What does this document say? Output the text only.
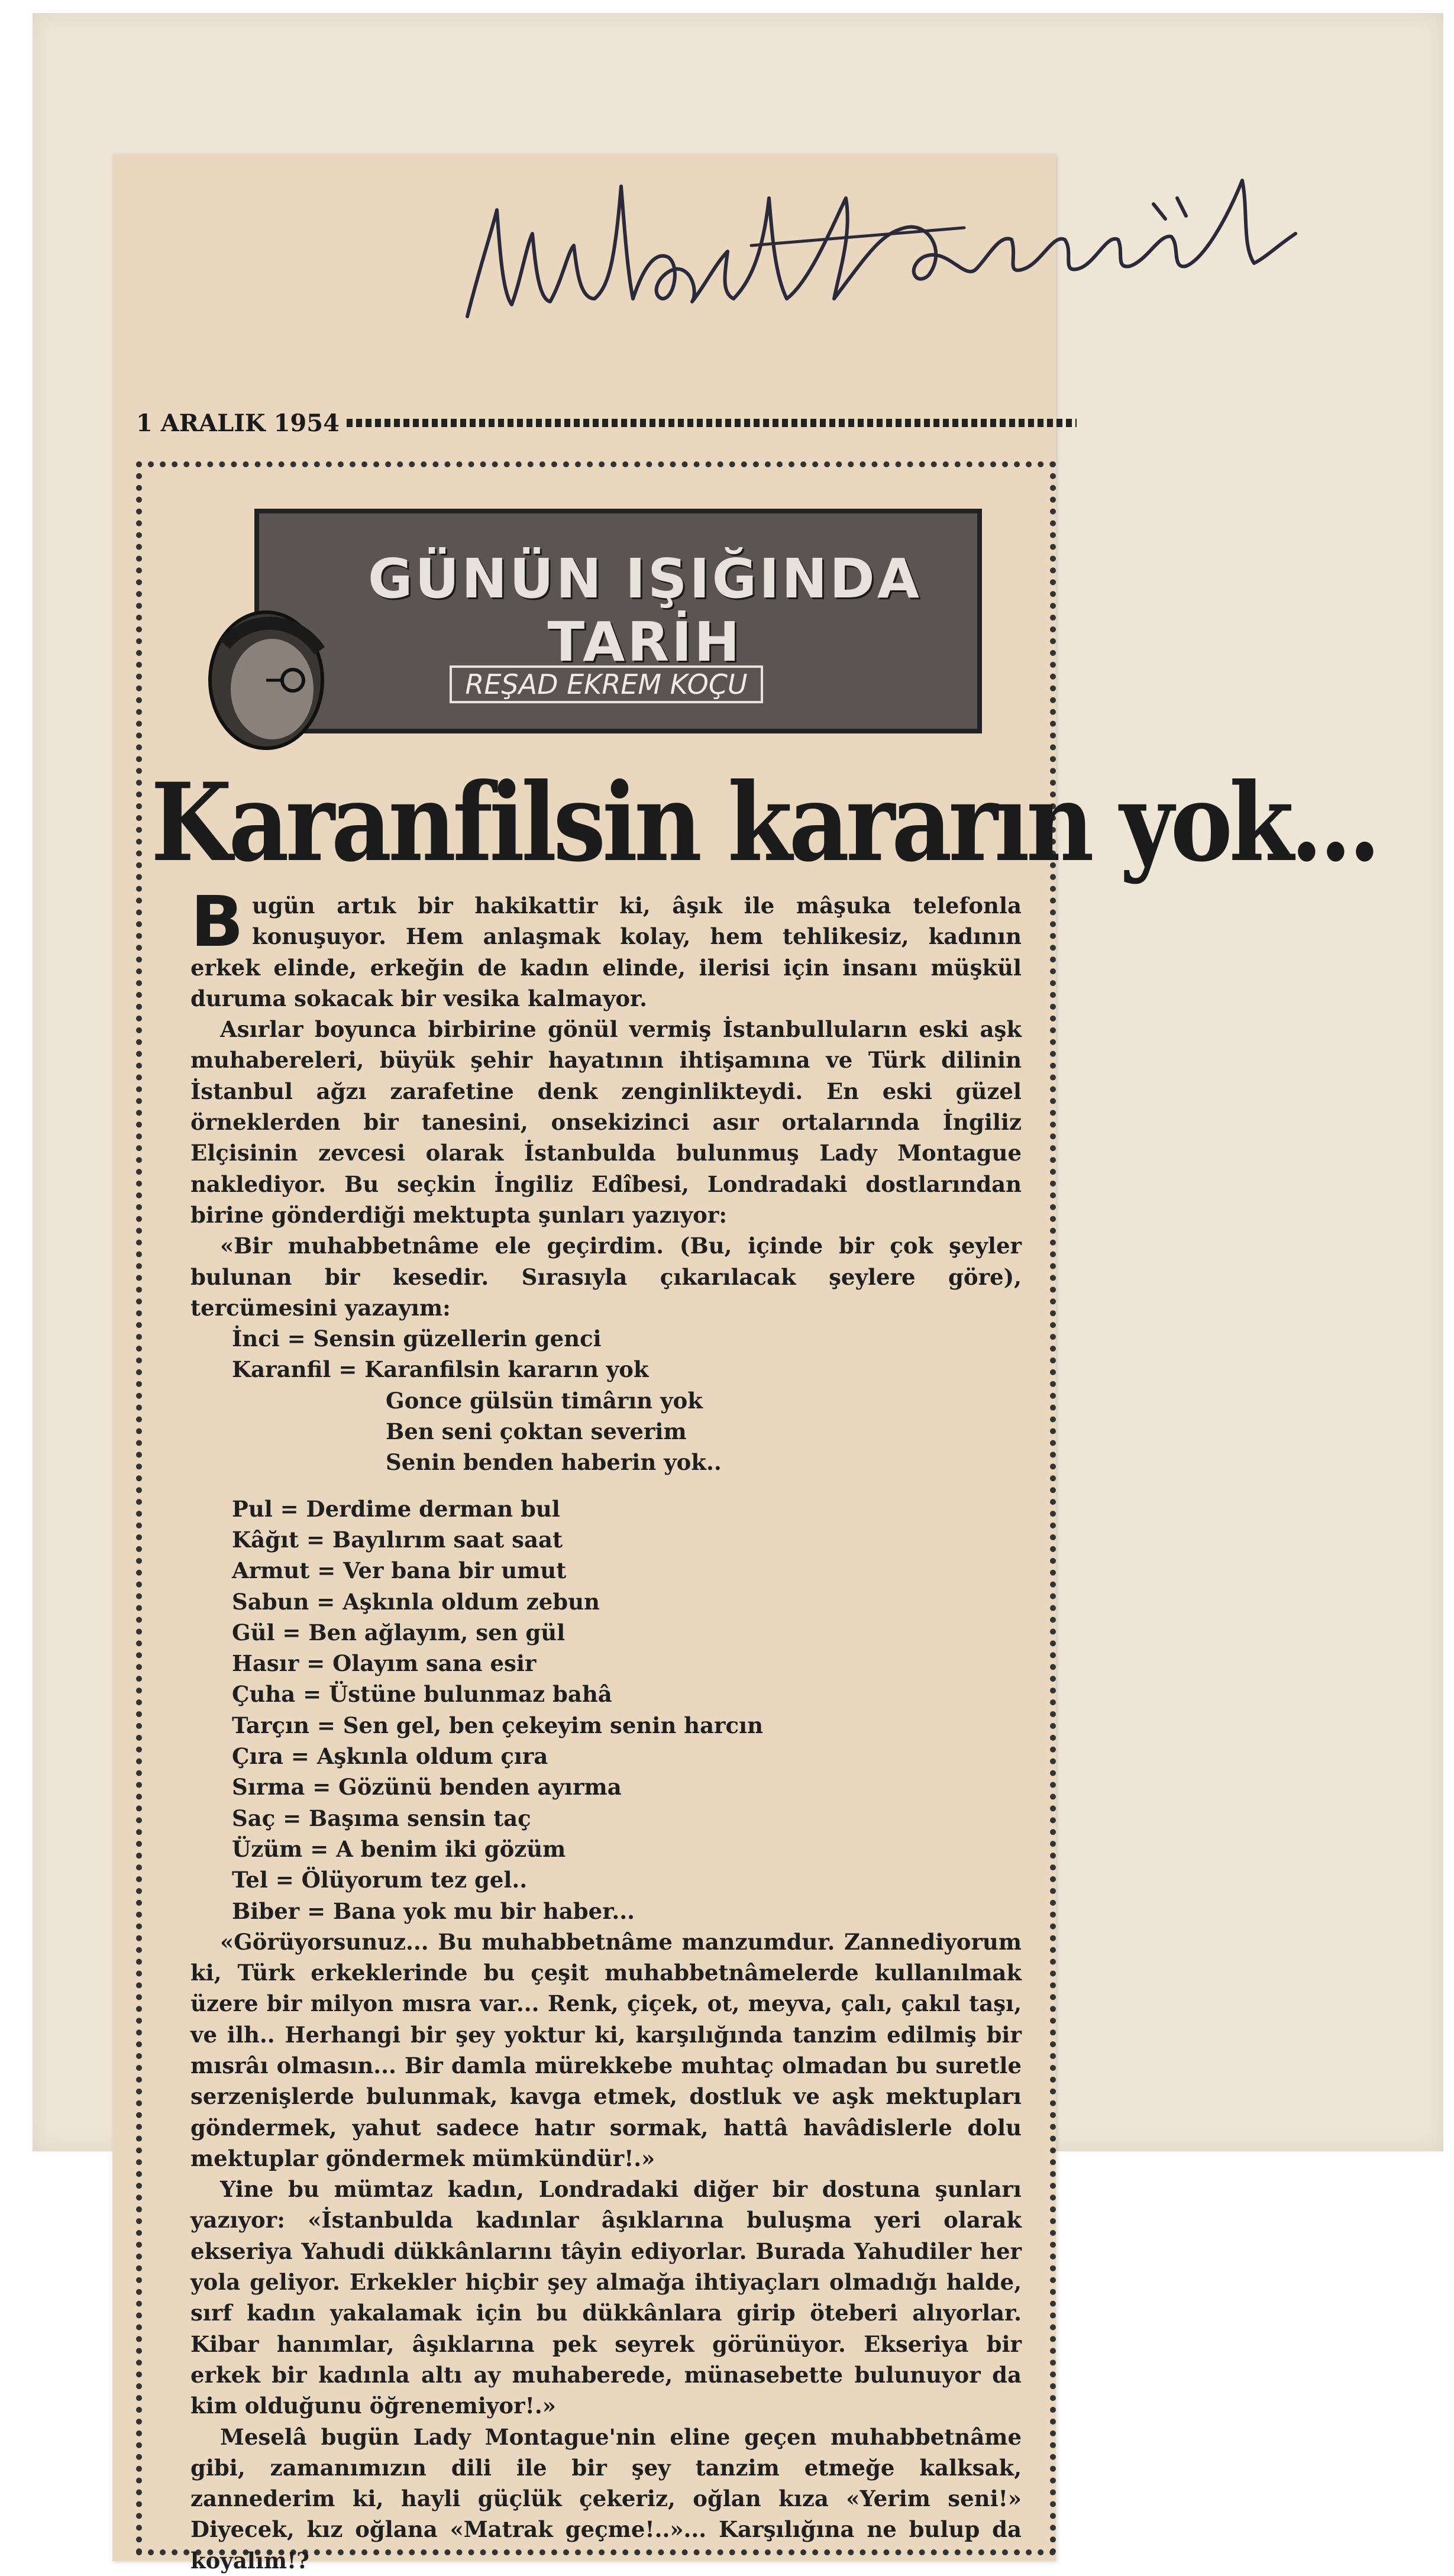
1 ARALIK 1954
GÜNÜN IŞIĞINDA TARİH
REŞAD EKREM KOÇU
Karanfilsin kararın yok...

Bugün artık bir hakikattir ki, âşık ile mâşuka telefonla konuşuyor. Hem anlaşmak kolay, hem tehlikesiz, kadının erkek elinde, erkeğin de kadın elinde, ilerisi için insanı müşkül duruma sokacak bir vesika kalmayor.

Asırlar boyunca birbirine gönül vermiş İstanbulluların eski aşk muhabereleri, büyük şehir hayatının ihtişamına ve Türk dilinin İstanbul ağzı zarafetine denk zenginlikteydi. En eski güzel örneklerden bir tanesini, onsekizinci asır ortalarında İngiliz Elçisinin zevcesi olarak İstanbulda bulunmuş Lady Montague naklediyor. Bu seçkin İngiliz Edîbesi, Londradaki dostlarından birine gönderdiği mektupta şunları yazıyor:

«Bir muhabbetnâme ele geçirdim. (Bu, içinde bir çok şeyler bulunan bir kesedir. Sırasıyla çıkarılacak şeylere göre), tercümesini yazayım:

İnci = Sensin güzellerin genci
Karanfil = Karanfilsin kararın yok
Gonce gülsün timârın yok
Ben seni çoktan severim
Senin benden haberin yok..
Pul = Derdime derman bul
Kâğıt = Bayılırım saat saat
Armut = Ver bana bir umut
Sabun = Aşkınla oldum zebun
Gül = Ben ağlayım, sen gül
Hasır = Olayım sana esir
Çuha = Üstüne bulunmaz bahâ
Tarçın = Sen gel, ben çekeyim senin harcın
Çıra = Aşkınla oldum çıra
Sırma = Gözünü benden ayırma
Saç = Başıma sensin taç
Üzüm = A benim iki gözüm
Tel = Ölüyorum tez gel..
Biber = Bana yok mu bir haber...

«Görüyorsunuz... Bu muhabbetnâme manzumdur. Zannediyorum ki, Türk erkeklerinde bu çeşit muhabbetnâmelerde kullanılmak üzere bir milyon mısra var... Renk, çiçek, ot, meyva, çalı, çakıl taşı, ve ilh.. Herhangi bir şey yoktur ki, karşılığında tanzim edilmiş bir mısrâı olmasın... Bir damla mürekkebe muhtaç olmadan bu suretle serzenişlerde bulunmak, kavga etmek, dostluk ve aşk mektupları göndermek, yahut sadece hatır sormak, hattâ havâdislerle dolu mektuplar göndermek mümkündür!.»

Yine bu mümtaz kadın, Londradaki diğer bir dostuna şunları yazıyor: «İstanbulda kadınlar âşıklarına buluşma yeri olarak ekseriya Yahudi dükkânlarını tâyin ediyorlar. Burada Yahudiler her yola geliyor. Erkekler hiçbir şey almağa ihtiyaçları olmadığı halde, sırf kadın yakalamak için bu dükkânlara girip öteberi alıyorlar. Kibar hanımlar, âşıklarına pek seyrek görünüyor. Ekseriya bir erkek bir kadınla altı ay muhaberede, münasebette bulunuyor da kim olduğunu öğrenemiyor!.»

Meselâ bugün Lady Montague'nin eline geçen muhabbetnâme gibi, zamanımızın dili ile bir şey tanzim etmeğe kalksak, zannederim ki, hayli güçlük çekeriz, oğlan kıza «Yerim seni!» Diyecek, kız oğlana «Matrak geçme!..»... Karşılığına ne bulup da koyalım!?
